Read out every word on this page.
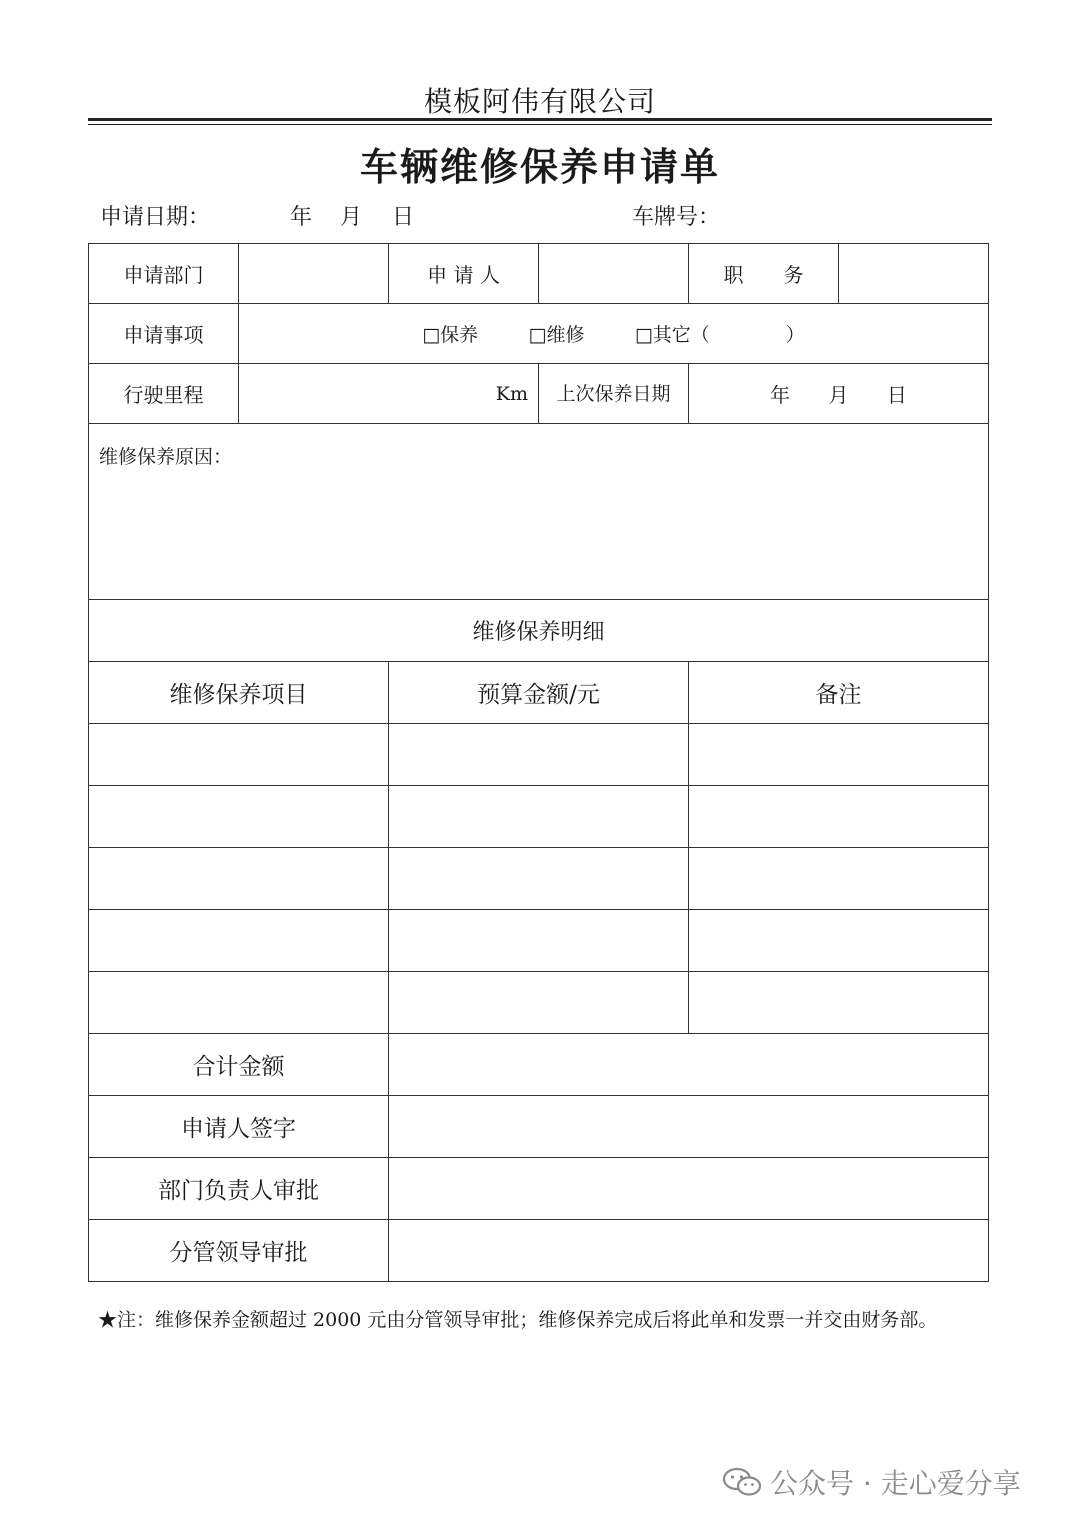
模板阿伟有限公司
车辆维修保养申请单
申请日期：	年 月 日	车牌号：
申请部门		申 请 人		职　　务	
申请事项	□保养 □维修 □其它（　　　　）				
行驶里程	Km		上次保养日期	年 月 日	

维修保养原因：					

维修保养明细					
维修保养项目		预算金额/元		备注	

合计金额					
申请人签字					
部门负责人审批					
分管领导审批					
★注：维修保养金额超过 2000 元由分管领导审批；维修保养完成后将此单和发票一并交由财务部。
公众号 · 走心爱分享
